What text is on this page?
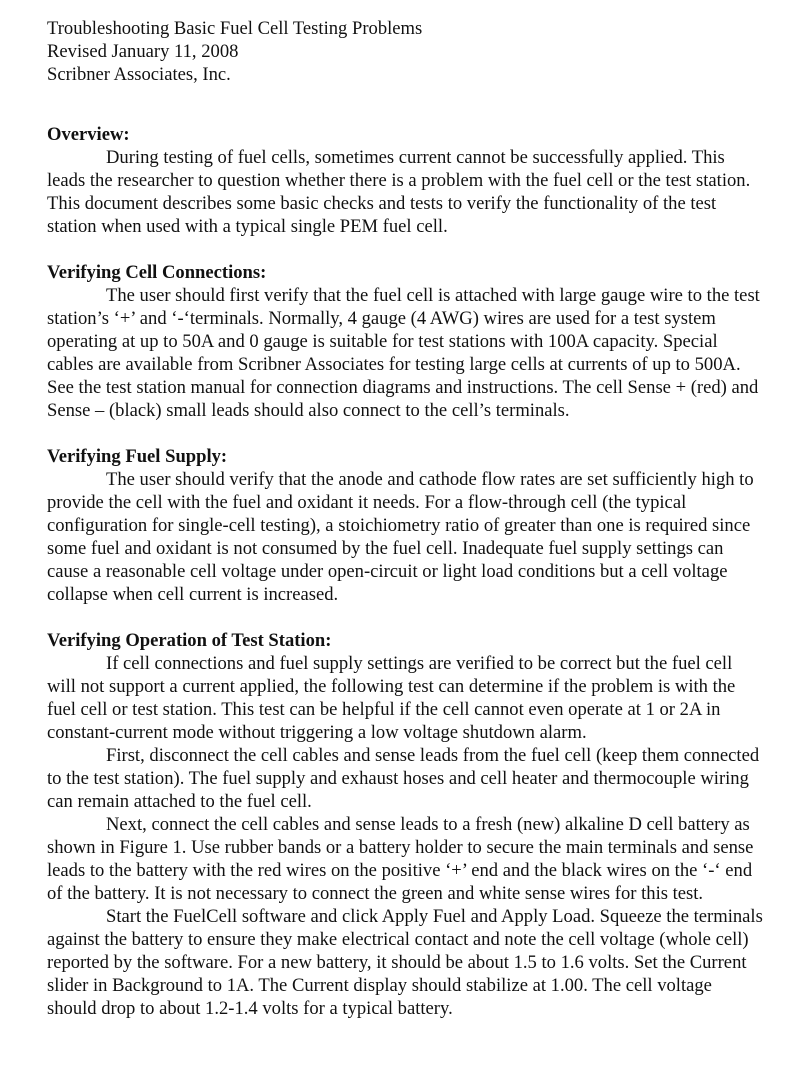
Troubleshooting Basic Fuel Cell Testing Problems
Revised January 11, 2008
Scribner Associates, Inc.
Overview:

During testing of fuel cells, sometimes current cannot be successfully applied. This leads the researcher to question whether there is a problem with the fuel cell or the test station. This document describes some basic checks and tests to verify the functionality of the test station when used with a typical single PEM fuel cell.

Verifying Cell Connections:

The user should first verify that the fuel cell is attached with large gauge wire to the test station’s ‘+’ and ‘-‘terminals. Normally, 4 gauge (4 AWG) wires are used for a test system operating at up to 50A and 0 gauge is suitable for test stations with 100A capacity. Special cables are available from Scribner Associates for testing large cells at currents of up to 500A. See the test station manual for connection diagrams and instructions. The cell Sense + (red) and Sense – (black) small leads should also connect to the cell’s terminals.

Verifying Fuel Supply:

The user should verify that the anode and cathode flow rates are set sufficiently high to provide the cell with the fuel and oxidant it needs. For a flow-through cell (the typical configuration for single-cell testing), a stoichiometry ratio of greater than one is required since some fuel and oxidant is not consumed by the fuel cell. Inadequate fuel supply settings can cause a reasonable cell voltage under open-circuit or light load conditions but a cell voltage collapse when cell current is increased.

Verifying Operation of Test Station:

If cell connections and fuel supply settings are verified to be correct but the fuel cell will not support a current applied, the following test can determine if the problem is with the fuel cell or test station. This test can be helpful if the cell cannot even operate at 1 or 2A in constant-current mode without triggering a low voltage shutdown alarm.

First, disconnect the cell cables and sense leads from the fuel cell (keep them connected to the test station). The fuel supply and exhaust hoses and cell heater and thermocouple wiring can remain attached to the fuel cell.

Next, connect the cell cables and sense leads to a fresh (new) alkaline D cell battery as shown in Figure 1. Use rubber bands or a battery holder to secure the main terminals and sense leads to the battery with the red wires on the positive ‘+’ end and the black wires on the ‘-‘ end of the battery. It is not necessary to connect the green and white sense wires for this test.

Start the FuelCell software and click Apply Fuel and Apply Load. Squeeze the terminals against the battery to ensure they make electrical contact and note the cell voltage (whole cell) reported by the software. For a new battery, it should be about 1.5 to 1.6 volts. Set the Current slider in Background to 1A. The Current display should stabilize at 1.00. The cell voltage should drop to about 1.2-1.4 volts for a typical battery.
